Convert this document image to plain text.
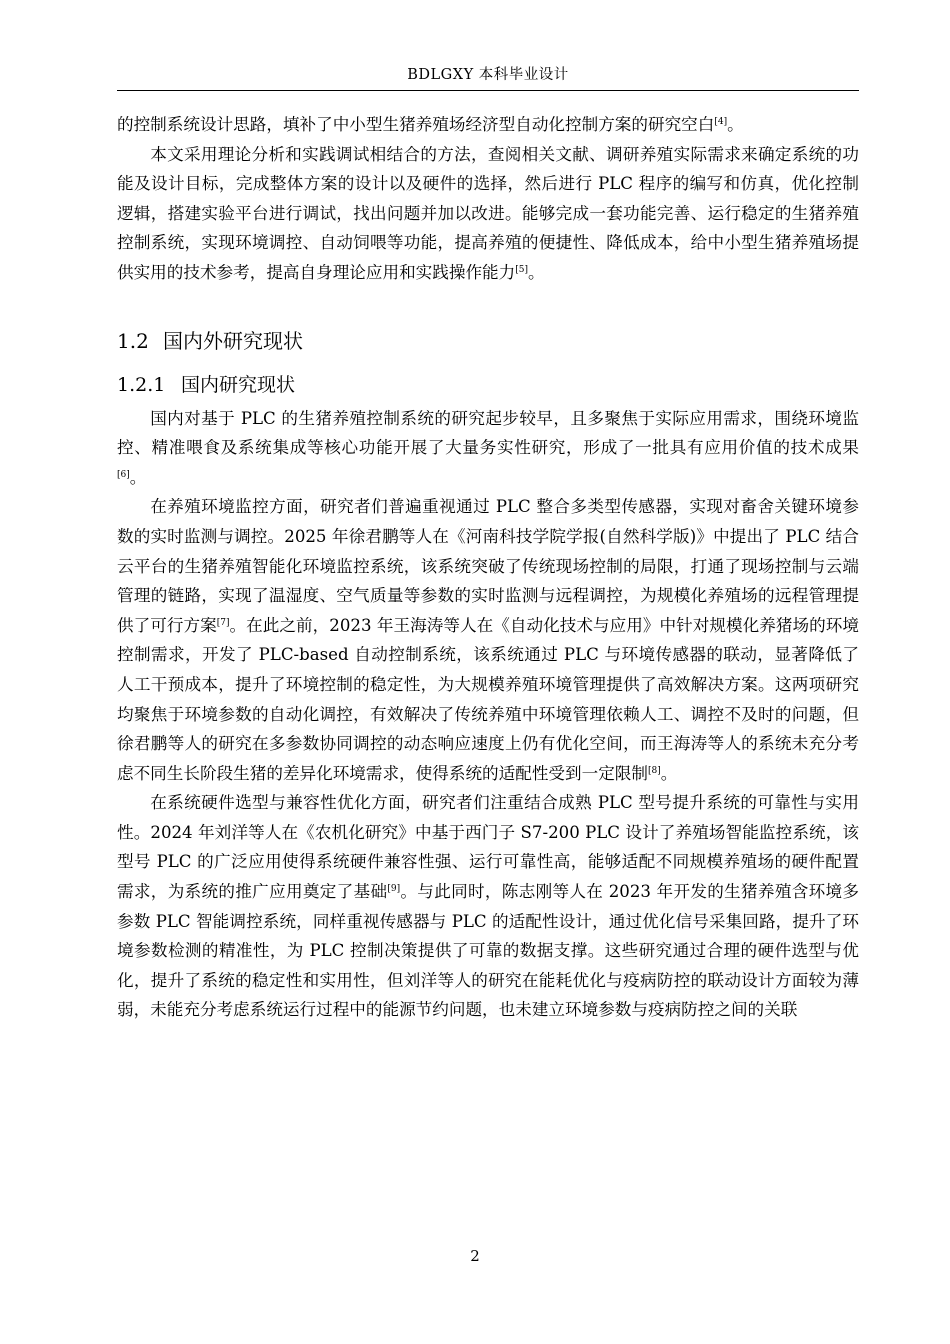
BDLGXY 本科毕业设计

的控制系统设计思路，填补了中小型生猪养殖场经济型自动化控制方案的研究空白[4]。

本文采用理论分析和实践调试相结合的方法，查阅相关文献、调研养殖实际需求来确定系统的功能及设计目标，完成整体方案的设计以及硬件的选择，然后进行 PLC 程序的编写和仿真，优化控制逻辑，搭建实验平台进行调试，找出问题并加以改进。能够完成一套功能完善、运行稳定的生猪养殖控制系统，实现环境调控、自动饲喂等功能，提高养殖的便捷性、降低成本，给中小型生猪养殖场提供实用的技术参考，提高自身理论应用和实践操作能力[5]。

1.2 国内外研究现状
1.2.1 国内研究现状

国内对基于 PLC 的生猪养殖控制系统的研究起步较早，且多聚焦于实际应用需求，围绕环境监控、精准喂食及系统集成等核心功能开展了大量务实性研究，形成了一批具有应用价值的技术成果[6]。

在养殖环境监控方面，研究者们普遍重视通过 PLC 整合多类型传感器，实现对畜舍关键环境参数的实时监测与调控。2025 年徐君鹏等人在《河南科技学院学报(自然科学版)》中提出了 PLC 结合云平台的生猪养殖智能化环境监控系统，该系统突破了传统现场控制的局限，打通了现场控制与云端管理的链路，实现了温湿度、空气质量等参数的实时监测与远程调控，为规模化养殖场的远程管理提供了可行方案[7]。在此之前，2023 年王海涛等人在《自动化技术与应用》中针对规模化养猪场的环境控制需求，开发了 PLC-based 自动控制系统，该系统通过 PLC 与环境传感器的联动，显著降低了人工干预成本，提升了环境控制的稳定性，为大规模养殖环境管理提供了高效解决方案。这两项研究均聚焦于环境参数的自动化调控，有效解决了传统养殖中环境管理依赖人工、调控不及时的问题，但徐君鹏等人的研究在多参数协同调控的动态响应速度上仍有优化空间，而王海涛等人的系统未充分考虑不同生长阶段生猪的差异化环境需求，使得系统的适配性受到一定限制[8]。

在系统硬件选型与兼容性优化方面，研究者们注重结合成熟 PLC 型号提升系统的可靠性与实用性。2024 年刘洋等人在《农机化研究》中基于西门子 S7-200 PLC 设计了养殖场智能监控系统，该型号 PLC 的广泛应用使得系统硬件兼容性强、运行可靠性高，能够适配不同规模养殖场的硬件配置需求，为系统的推广应用奠定了基础[9]。与此同时，陈志刚等人在 2023 年开发的生猪养殖含环境多参数 PLC 智能调控系统，同样重视传感器与 PLC 的适配性设计，通过优化信号采集回路，提升了环境参数检测的精准性，为 PLC 控制决策提供了可靠的数据支撑。这些研究通过合理的硬件选型与优化，提升了系统的稳定性和实用性，但刘洋等人的研究在能耗优化与疫病防控的联动设计方面较为薄弱，未能充分考虑系统运行过程中的能源节约问题，也未建立环境参数与疫病防控之间的关联

2
